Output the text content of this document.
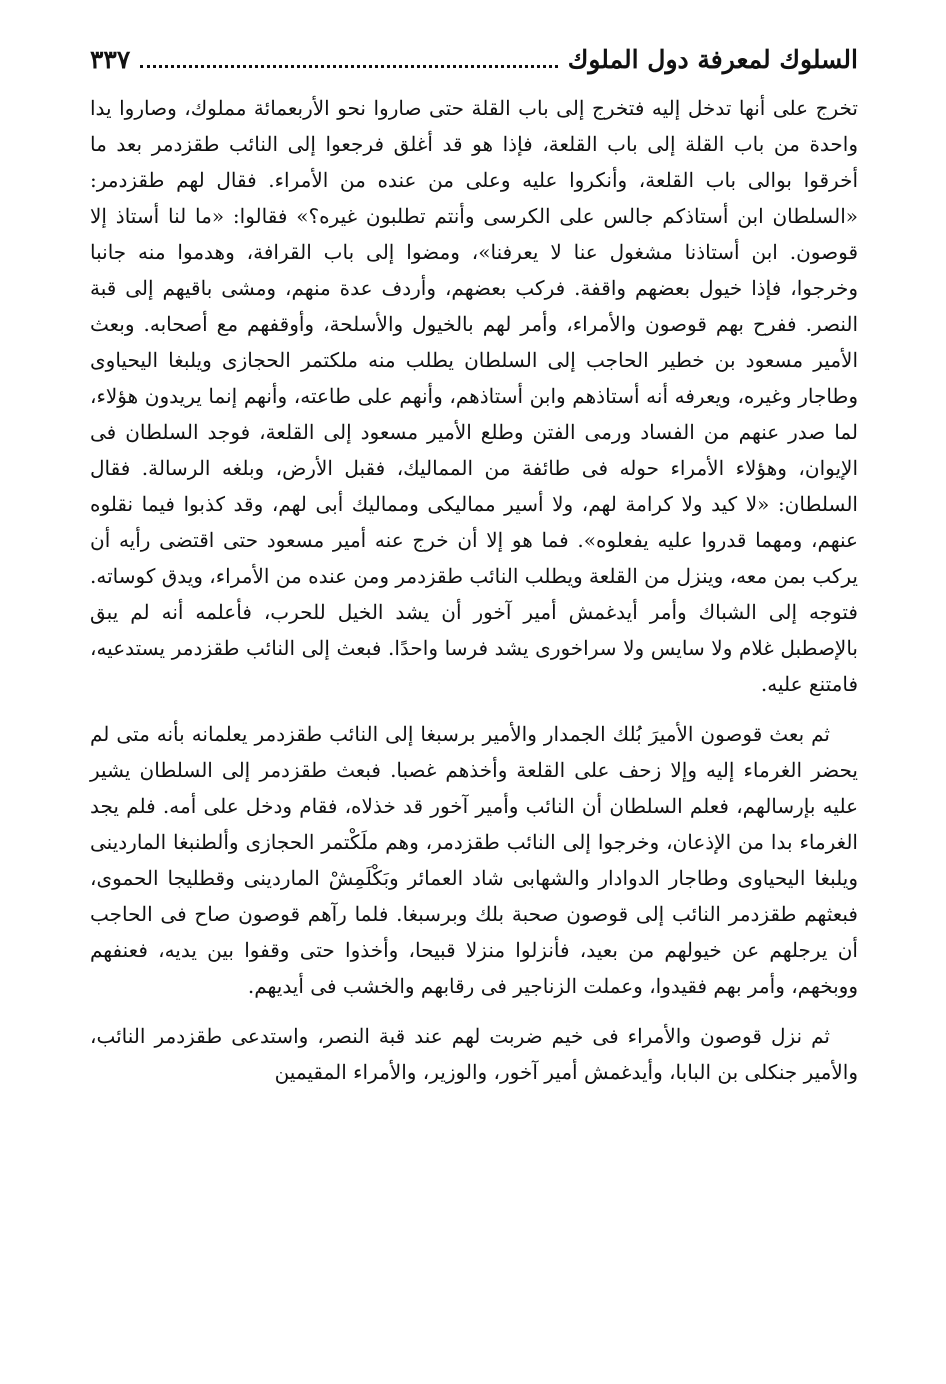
السلوك لمعرفة دول الملوك
٣٣٧

تخرج على أنها تدخل إليه فتخرج إلى باب القلة حتى صاروا نحو الأربعمائة مملوك، وصاروا يدا واحدة من باب القلة إلى باب القلعة، فإذا هو قد أغلق فرجعوا إلى النائب طقزدمر بعد ما أخرقوا بوالى باب القلعة، وأنكروا عليه وعلى من عنده من الأمراء. فقال لهم طقزدمر: «السلطان ابن أستاذكم جالس على الكرسى وأنتم تطلبون غيره؟» فقالوا: «ما لنا أستاذ إلا قوصون. ابن أستاذنا مشغول عنا لا يعرفنا»، ومضوا إلى باب القرافة، وهدموا منه جانبا وخرجوا، فإذا خيول بعضهم واقفة. فركب بعضهم، وأردف عدة منهم، ومشى باقيهم إلى قبة النصر. ففرح بهم قوصون والأمراء، وأمر لهم بالخيول والأسلحة، وأوقفهم مع أصحابه. وبعث الأمير مسعود بن خطير الحاجب إلى السلطان يطلب منه ملكتمر الحجازى ويلبغا اليحياوى وطاجار وغيره، ويعرفه أنه أستاذهم وابن أستاذهم، وأنهم على طاعته، وأنهم إنما يريدون هؤلاء، لما صدر عنهم من الفساد ورمى الفتن وطلع الأمير مسعود إلى القلعة، فوجد السلطان فى الإيوان، وهؤلاء الأمراء حوله فى طائفة من المماليك، فقبل الأرض، وبلغه الرسالة. فقال السلطان: «لا كيد ولا كرامة لهم، ولا أسير مماليكى ومماليك أبى لهم، وقد كذبوا فيما نقلوه عنهم، ومهما قدروا عليه يفعلوه». فما هو إلا أن خرج عنه أمير مسعود حتى اقتضى رأيه أن يركب بمن معه، وينزل من القلعة ويطلب النائب طقزدمر ومن عنده من الأمراء، ويدق كوساته. فتوجه إلى الشباك وأمر أيدغمش أمير آخور أن يشد الخيل للحرب، فأعلمه أنه لم يبق بالإصطبل غلام ولا سايس ولا سراخورى يشد فرسا واحدًا. فبعث إلى النائب طقزدمر يستدعيه، فامتنع عليه.

ثم بعث قوصون الأميرَ بُلك الجمدار والأمير برسبغا إلى النائب طقزدمر يعلمانه بأنه متى لم يحضر الغرماء إليه وإلا زحف على القلعة وأخذهم غصبا. فبعث طقزدمر إلى السلطان يشير عليه بإرسالهم، فعلم السلطان أن النائب وأمير آخور قد خذلاه، فقام ودخل على أمه. فلم يجد الغرماء بدا من الإذعان، وخرجوا إلى النائب طقزدمر، وهم ملَكْتمر الحجازى وألطنبغا الماردينى ويلبغا اليحياوى وطاجار الدوادار والشهابى شاد العمائر وبَكْلَمِشْ الماردينى وقطليجا الحموى، فبعثهم طقزدمر النائب إلى قوصون صحبة بلك وبرسبغا. فلما رآهم قوصون صاح فى الحاجب أن يرجلهم عن خيولهم من بعيد، فأنزلوا منزلا قبيحا، وأخذوا حتى وقفوا بين يديه، فعنفهم ووبخهم، وأمر بهم فقيدوا، وعملت الزناجير فى رقابهم والخشب فى أيديهم.

ثم نزل قوصون والأمراء فى خيم ضربت لهم عند قبة النصر، واستدعى طقزدمر النائب، والأمير جنكلى بن البابا، وأيدغمش أمير آخور، والوزير، والأمراء المقيمين
